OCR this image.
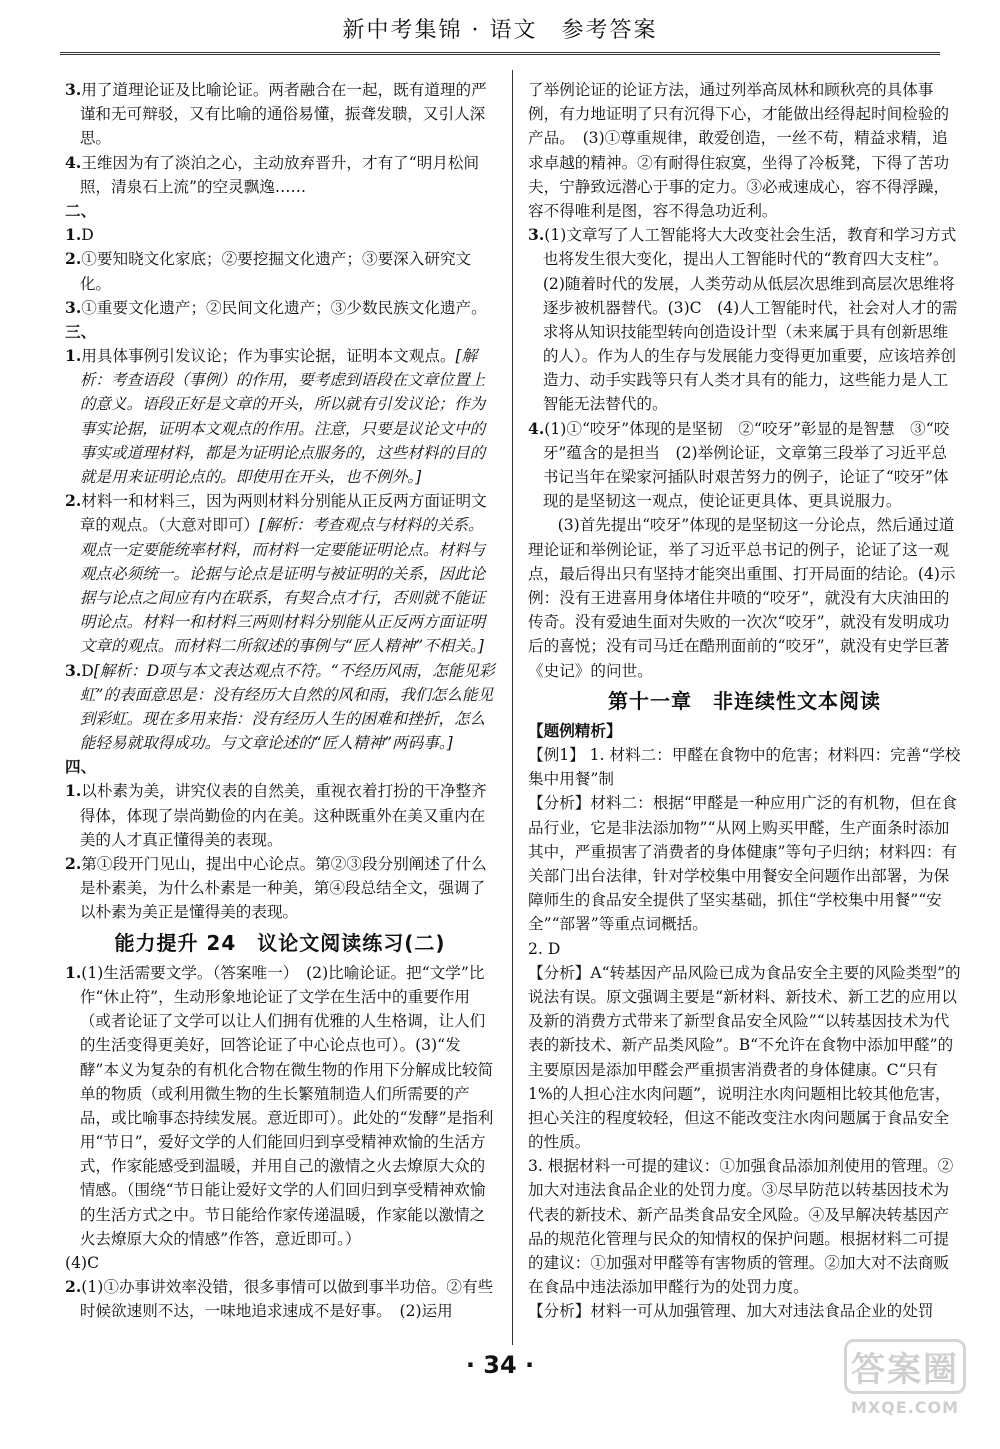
新中考集锦 · 语文　参考答案

3.用了道理论证及比喻论证。两者融合在一起，既有道理的严谨和无可辩驳，又有比喻的通俗易懂，振聋发聩，又引人深思。

4.王维因为有了淡泊之心，主动放弃晋升，才有了“明月松间照，清泉石上流”的空灵飘逸……

二、

1.D

2.①要知晓文化家底；②要挖掘文化遗产；③要深入研究文化。

3.①重要文化遗产；②民间文化遗产；③少数民族文化遗产。

三、

1.用具体事例引发议论；作为事实论据，证明本文观点。[解析：考查语段（事例）的作用，要考虑到语段在文章位置上的意义。语段正好是文章的开头，所以就有引发议论；作为事实论据，证明本文观点的作用。注意，只要是议论文中的事实或道理材料，都是为证明论点服务的，这些材料的目的就是用来证明论点的。即使用在开头，也不例外。]

2.材料一和材料三，因为两则材料分别能从正反两方面证明文章的观点。（大意对即可）[解析：考查观点与材料的关系。观点一定要能统率材料，而材料一定要能证明论点。材料与观点必须统一。论据与论点是证明与被证明的关系，因此论据与论点之间应有内在联系，有契合点才行，否则就不能证明论点。材料一和材料三两则材料分别能从正反两方面证明文章的观点。而材料二所叙述的事例与“匠人精神”不相关。]

3.D[解析：D项与本文表达观点不符。“不经历风雨，怎能见彩虹”的表面意思是：没有经历大自然的风和雨，我们怎么能见到彩虹。现在多用来指：没有经历人生的困难和挫折，怎么能轻易就取得成功。与文章论述的“匠人精神”两码事。]

四、

1.以朴素为美，讲究仪表的自然美，重视衣着打扮的干净整齐得体，体现了崇尚勤俭的内在美。这种既重外在美又重内在美的人才真正懂得美的表现。

2.第①段开门见山，提出中心论点。第②③段分别阐述了什么是朴素美，为什么朴素是一种美，第④段总结全文，强调了以朴素为美正是懂得美的表现。

能力提升 24　议论文阅读练习(二)

1.(1)生活需要文学。（答案唯一）　(2)比喻论证。把“文学”比作“休止符”，生动形象地论证了文学在生活中的重要作用（或者论证了文学可以让人们拥有优雅的人生格调，让人们的生活变得更美好，回答论证了中心论点也可）。(3)“发酵”本义为复杂的有机化合物在微生物的作用下分解成比较简单的物质（或利用微生物的生长繁殖制造人们所需要的产品，或比喻事态持续发展。意近即可）。此处的“发酵”是指利用“节日”，爱好文学的人们能回归到享受精神欢愉的生活方式，作家能感受到温暖，并用自己的激情之火去燎原大众的情感。（围绕“节日能让爱好文学的人们回归到享受精神欢愉的生活方式之中。节日能给作家传递温暖，作家能以激情之火去燎原大众的情感”作答，意近即可。）

(4)C

2.(1)①办事讲效率没错，很多事情可以做到事半功倍。②有些时候欲速则不达，一味地追求速成不是好事。　(2)运用

了举例论证的论证方法，通过列举高凤林和顾秋亮的具体事例，有力地证明了只有沉得下心，才能做出经得起时间检验的产品。　(3)①尊重规律，敢爱创造，一丝不苟，精益求精，追求卓越的精神。②有耐得住寂寞，坐得了冷板凳，下得了苦功夫，宁静致远潜心于事的定力。③必戒速成心，容不得浮躁，容不得唯利是图，容不得急功近利。

3.(1)文章写了人工智能将大大改变社会生活，教育和学习方式也将发生很大变化，提出人工智能时代的“教育四大支柱”。(2)随着时代的发展，人类劳动从低层次思维到高层次思维将逐步被机器替代。(3)C　(4)人工智能时代，社会对人才的需求将从知识技能型转向创造设计型（未来属于具有创新思维的人）。作为人的生存与发展能力变得更加重要，应该培养创造力、动手实践等只有人类才具有的能力，这些能力是人工智能无法替代的。

4.(1)①“咬牙”体现的是坚韧　②“咬牙”彰显的是智慧　③“咬牙”蕴含的是担当　(2)举例论证，文章第三段举了习近平总书记当年在梁家河插队时艰苦努力的例子，论证了“咬牙”体现的是坚韧这一观点，使论证更具体、更具说服力。

(3)首先提出“咬牙”体现的是坚韧这一分论点，然后通过道理论证和举例论证，举了习近平总书记的例子，论证了这一观点，最后得出只有坚持才能突出重围、打开局面的结论。(4)示例：没有王进喜用身体堵住井喷的“咬牙”，就没有大庆油田的传奇。没有爱迪生面对失败的一次次“咬牙”，就没有发明成功后的喜悦；没有司马迁在酷刑面前的“咬牙”，就没有史学巨著《史记》的问世。

第十一章　非连续性文本阅读

【题例精析】

【例1】 1. 材料二：甲醛在食物中的危害；材料四：完善“学校集中用餐”制

【分析】材料二：根据“甲醛是一种应用广泛的有机物，但在食品行业，它是非法添加物”“从网上购买甲醛，生产面条时添加其中，严重损害了消费者的身体健康”等句子归纳；材料四：有关部门出台法律，针对学校集中用餐安全问题作出部署，为保障师生的食品安全提供了坚实基础，抓住“学校集中用餐”“安全”“部署”等重点词概括。

2. D

【分析】A“转基因产品风险已成为食品安全主要的风险类型”的说法有误。原文强调主要是“新材料、新技术、新工艺的应用以及新的消费方式带来了新型食品安全风险”“以转基因技术为代表的新技术、新产品类风险”。B“不允许在食物中添加甲醛”的主要原因是添加甲醛会严重损害消费者的身体健康。C“只有1%的人担心注水肉问题”，说明注水肉问题相比较其他危害，担心关注的程度较轻，但这不能改变注水肉问题属于食品安全的性质。

3. 根据材料一可提的建议：①加强食品添加剂使用的管理。②加大对违法食品企业的处罚力度。③尽早防范以转基因技术为代表的新技术、新产品类食品安全风险。④及早解决转基因产品的规范化管理与民众的知情权的保护问题。根据材料二可提的建议：①加强对甲醛等有害物质的管理。②加大对不法商贩在食品中违法添加甲醛行为的处罚力度。

【分析】材料一可从加强管理、加大对违法食品企业的处罚

· 34 ·	答案圈
MXQE.COM
